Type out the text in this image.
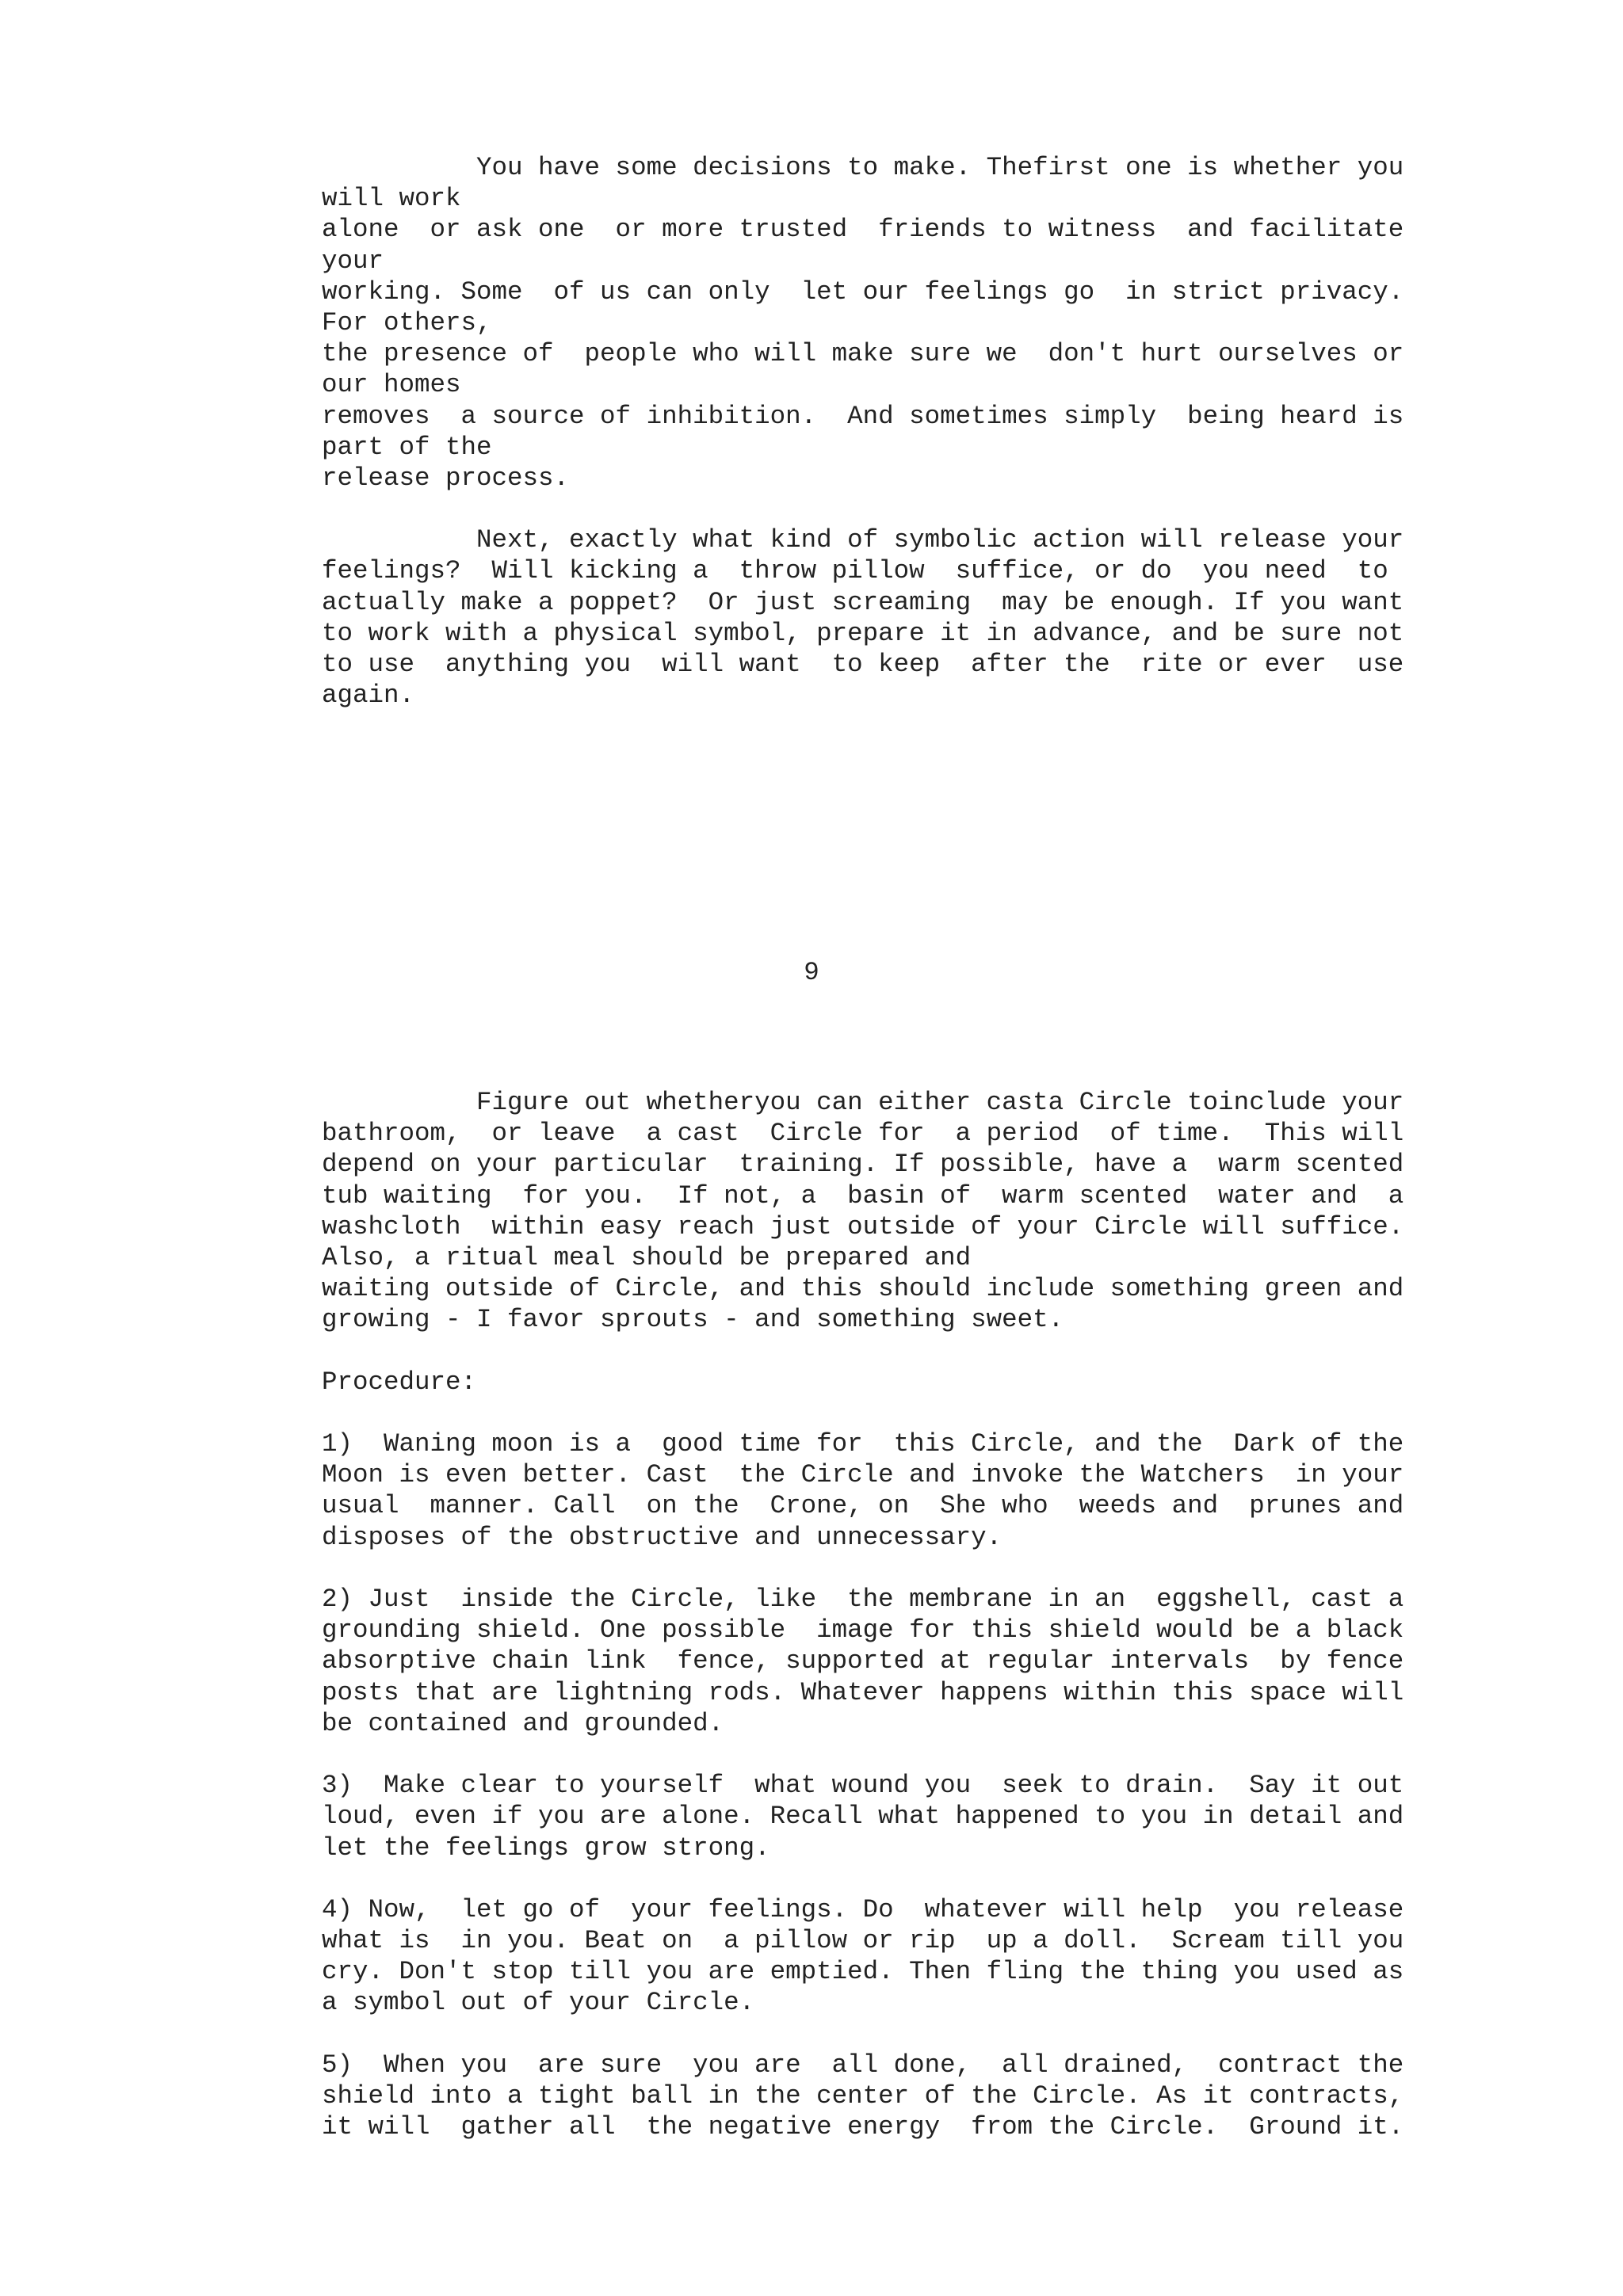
You have some decisions to make. Thefirst one is whether you
will work
alone  or ask one  or more trusted  friends to witness  and facilitate
your
working. Some  of us can only  let our feelings go  in strict privacy.
For others,
the presence of  people who will make sure we  don't hurt ourselves or
our homes
removes  a source of inhibition.  And sometimes simply  being heard is
part of the
release process.
Next, exactly what kind of symbolic action will release your
feelings?  Will kicking a  throw pillow  suffice, or do  you need  to
actually make a poppet?  Or just screaming  may be enough. If you want
to work with a physical symbol, prepare it in advance, and be sure not
to use  anything you  will want  to keep  after the  rite or ever  use
again.
9
Figure out whetheryou can either casta Circle toinclude your
bathroom,  or leave  a cast  Circle for  a period  of time.  This will
depend on your particular  training. If possible, have a  warm scented
tub waiting  for you.  If not, a  basin of  warm scented  water and  a
washcloth  within easy reach just outside of your Circle will suffice.
Also, a ritual meal should be prepared and
waiting outside of Circle, and this should include something green and
growing - I favor sprouts - and something sweet.
Procedure:
1)  Waning moon is a  good time for  this Circle, and the  Dark of the
Moon is even better. Cast  the Circle and invoke the Watchers  in your
usual  manner. Call  on the  Crone, on  She who  weeds and  prunes and
disposes of the obstructive and unnecessary.
2) Just  inside the Circle, like  the membrane in an  eggshell, cast a
grounding shield. One possible  image for this shield would be a black
absorptive chain link  fence, supported at regular intervals  by fence
posts that are lightning rods. Whatever happens within this space will
be contained and grounded.
3)  Make clear to yourself  what wound you  seek to drain.  Say it out
loud, even if you are alone. Recall what happened to you in detail and
let the feelings grow strong.
4) Now,  let go of  your feelings. Do  whatever will help  you release
what is  in you. Beat on  a pillow or rip  up a doll.  Scream till you
cry. Don't stop till you are emptied. Then fling the thing you used as
a symbol out of your Circle.
5)  When you  are sure  you are  all done,  all drained,  contract the
shield into a tight ball in the center of the Circle. As it contracts,
it will  gather all  the negative energy  from the Circle.  Ground it.
